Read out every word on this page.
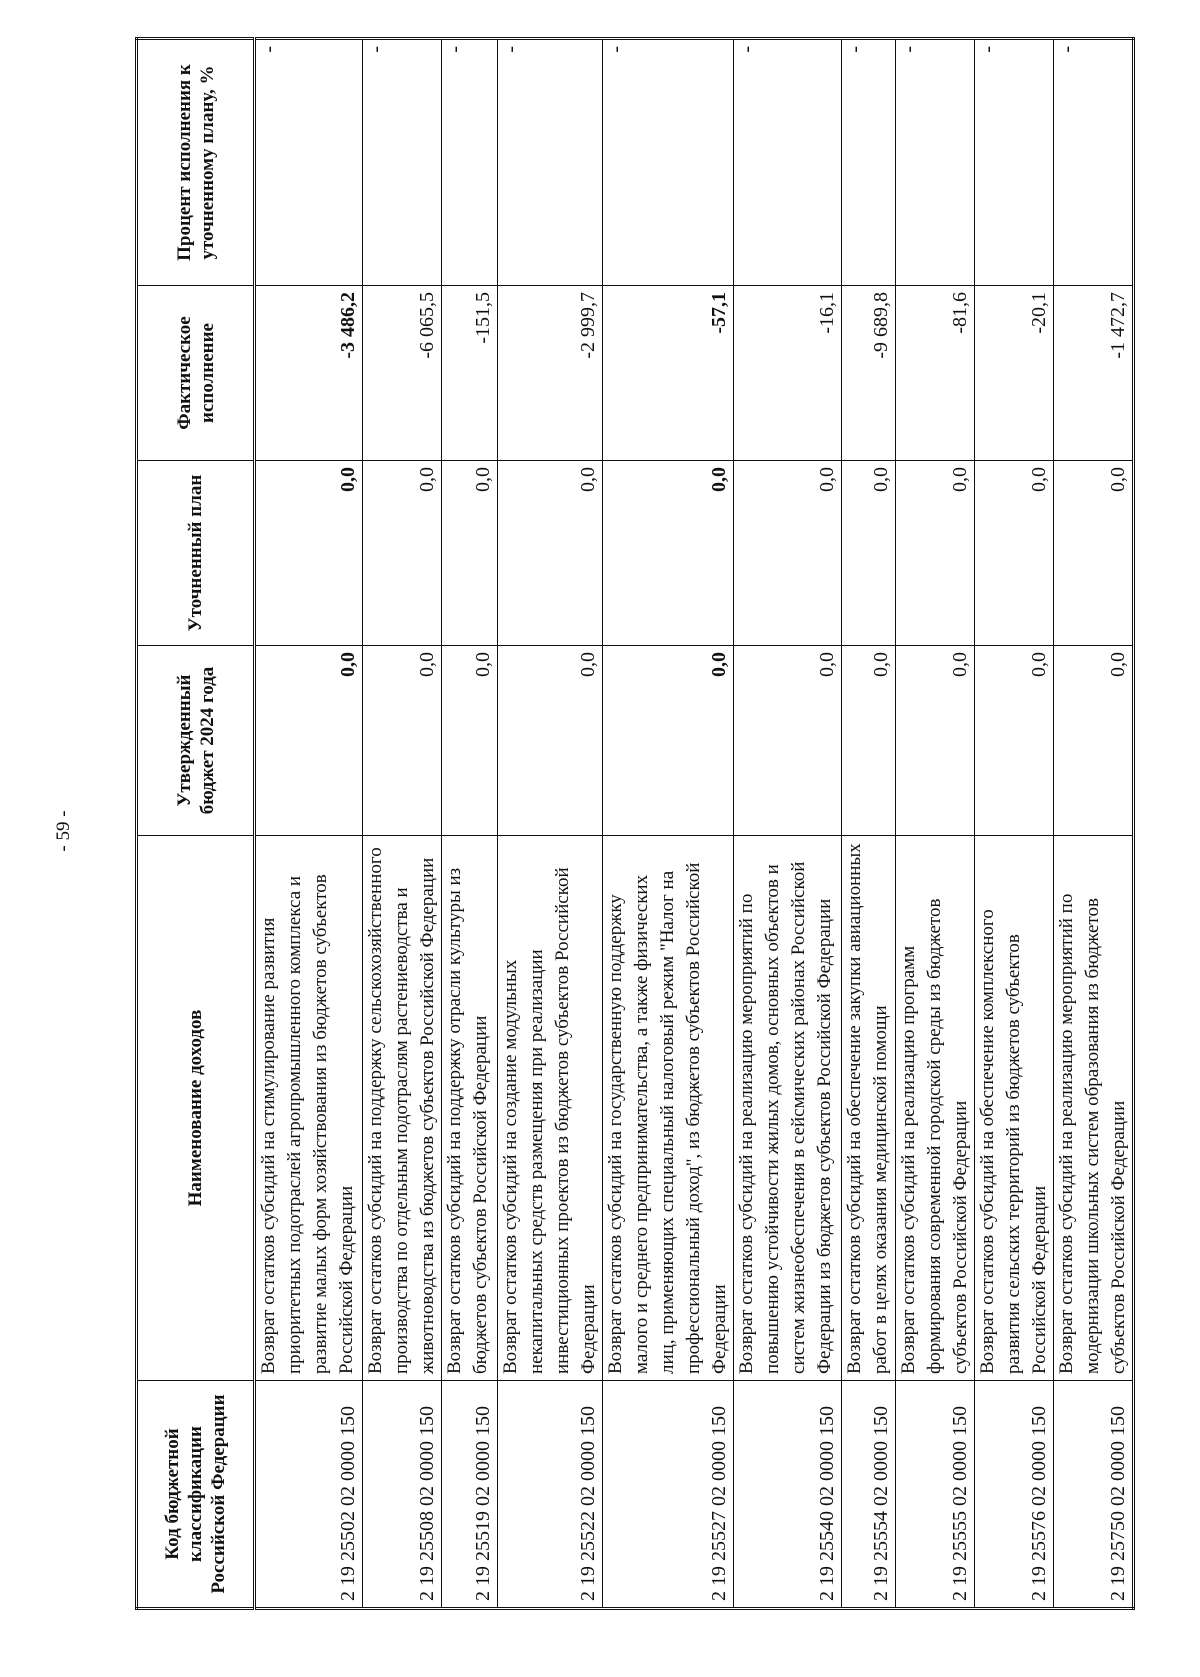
- 59 -
Код бюджетной классификации Российской Федерации	Наименование доходов	Утвержденный бюджет 2024 года	Уточненный план	Фактическое исполнение	Процент исполнения к уточненному плану, %
2 19 25502 02 0000 150	Возврат остатков субсидий на стимулирование развития приоритетных подотраслей агропромышленного комплекса и развитие малых форм хозяйствования из бюджетов субъектов Российской Федерации	0,0	0,0	-3 486,2	-
2 19 25508 02 0000 150	Возврат остатков субсидий на поддержку сельскохозяйственного производства по отдельным подотраслям растениеводства и животноводства из бюджетов субъектов Российской Федерации	0,0	0,0	-6 065,5	-
2 19 25519 02 0000 150	Возврат остатков субсидий на поддержку отрасли культуры из бюджетов субъектов Российской Федерации	0,0	0,0	-151,5	-
2 19 25522 02 0000 150	Возврат остатков субсидий на создание модульных некапитальных средств размещения при реализации инвестиционных проектов из бюджетов субъектов Российской Федерации	0,0	0,0	-2 999,7	-
2 19 25527 02 0000 150	Возврат остатков субсидий на государственную поддержку малого и среднего предпринимательства, а также физических лиц, применяющих специальный налоговый режим "Налог на профессиональный доход", из бюджетов субъектов Российской Федерации	0,0	0,0	-57,1	-
2 19 25540 02 0000 150	Возврат остатков субсидий на реализацию мероприятий по повышению устойчивости жилых домов, основных объектов и систем жизнеобеспечения в сейсмических районах Российской Федерации из бюджетов субъектов Российской Федерации	0,0	0,0	-16,1	-
2 19 25554 02 0000 150	Возврат остатков субсидий на обеспечение закупки авиационных работ в целях оказания медицинской помощи	0,0	0,0	-9 689,8	-
2 19 25555 02 0000 150	Возврат остатков субсидий на реализацию программ формирования современной городской среды из бюджетов субъектов Российской Федерации	0,0	0,0	-81,6	-
2 19 25576 02 0000 150	Возврат остатков субсидий на обеспечение комплексного развития сельских территорий из бюджетов субъектов Российской Федерации	0,0	0,0	-20,1	-
2 19 25750 02 0000 150	Возврат остатков субсидий на реализацию мероприятий по модернизации школьных систем образования из бюджетов субъектов Российской Федерации	0,0	0,0	-1 472,7	-
